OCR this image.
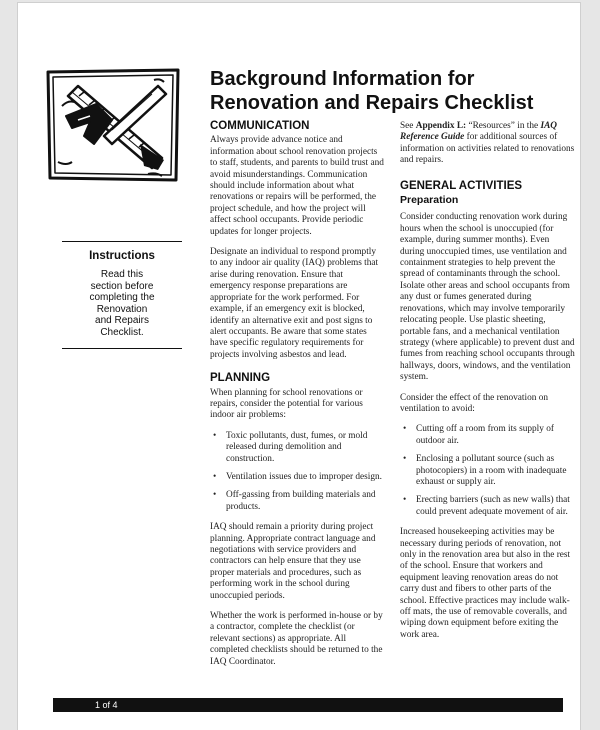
Instructions

Read this
section before
completing the
Renovation
and Repairs
Checklist.

Background Information for
Renovation and Repairs Checklist
COMMUNICATION

Always provide advance notice and information about school renovation projects to staff, students, and parents to build trust and avoid misunderstandings. Communication should include information about what renovations or repairs will be performed, the project schedule, and how the project will affect school occupants. Provide periodic updates for longer projects.

Designate an individual to respond promptly to any indoor air quality (IAQ) problems that arise during renovation. Ensure that emergency response preparations are appropriate for the work performed. For example, if an emergency exit is blocked, identify an alternative exit and post signs to alert occupants. Be aware that some states have specific regulatory requirements for projects involving asbestos and lead.

PLANNING

When planning for school renovations or repairs, consider the potential for various indoor air problems:

• Toxic pollutants, dust, fumes, or mold released during demolition and construction.
• Ventilation issues due to improper design.
• Off-gassing from building materials and products.

IAQ should remain a priority during project planning. Appropriate contract language and negotiations with service providers and contractors can help ensure that they use proper materials and procedures, such as performing work in the school during unoccupied periods.

Whether the work is performed in-house or by a contractor, complete the checklist (or relevant sections) as appropriate. All completed checklists should be returned to the IAQ Coordinator.

See Appendix L: “Resources” in the IAQ Reference Guide for additional sources of information on activities related to renovations and repairs.

GENERAL ACTIVITIES
Preparation

Consider conducting renovation work during hours when the school is unoccupied (for example, during summer months). Even during unoccupied times, use ventilation and containment strategies to help prevent the spread of contaminants through the school. Isolate other areas and school occupants from any dust or fumes generated during renovations, which may involve temporarily relocating people. Use plastic sheeting, portable fans, and a mechanical ventilation strategy (where applicable) to prevent dust and fumes from reaching school occupants through hallways, doors, windows, and the ventilation system.

Consider the effect of the renovation on ventilation to avoid:

• Cutting off a room from its supply of outdoor air.
• Enclosing a pollutant source (such as photocopiers) in a room with inadequate exhaust or supply air.
• Erecting barriers (such as new walls) that could prevent adequate movement of air.

Increased housekeeping activities may be necessary during periods of renovation, not only in the renovation area but also in the rest of the school. Ensure that workers and equipment leaving renovation areas do not carry dust and fibers to other parts of the school. Effective practices may include walk-off mats, the use of removable coveralls, and wiping down equipment before exiting the work area.

1 of 4
